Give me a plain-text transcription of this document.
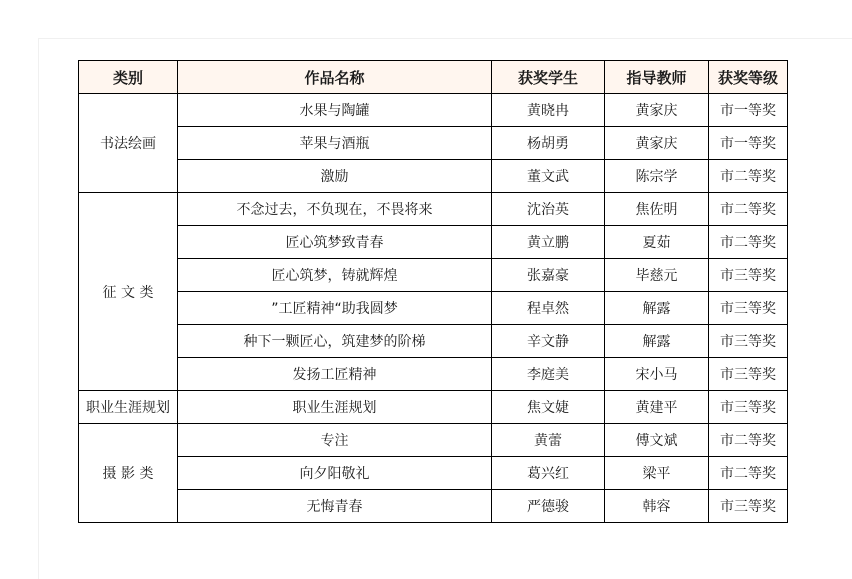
类别	作品名称	获奖学生	指导教师	获奖等级
书法绘画	水果与陶罐	黄晓冉	黄家庆	市一等奖
	苹果与酒瓶	杨胡勇	黄家庆	市一等奖
	激励	董文武	陈宗学	市二等奖
征 文 类	不念过去，不负现在，不畏将来	沈治英	焦佐明	市二等奖
	匠心筑梦致青春	黄立鹏	夏茹	市二等奖
	匠心筑梦，铸就辉煌	张嘉豪	毕慈元	市三等奖
	”工匠精神“助我圆梦	程卓然	解露	市三等奖
	种下一颗匠心，筑建梦的阶梯	辛文静	解露	市三等奖
	发扬工匠精神	李庭美	宋小马	市三等奖
职业生涯规划	职业生涯规划	焦文婕	黄建平	市三等奖
摄 影 类	专注	黄蕾	傅文斌	市二等奖
	向夕阳敬礼	葛兴红	梁平	市二等奖
	无悔青春	严德骏	韩容	市三等奖
